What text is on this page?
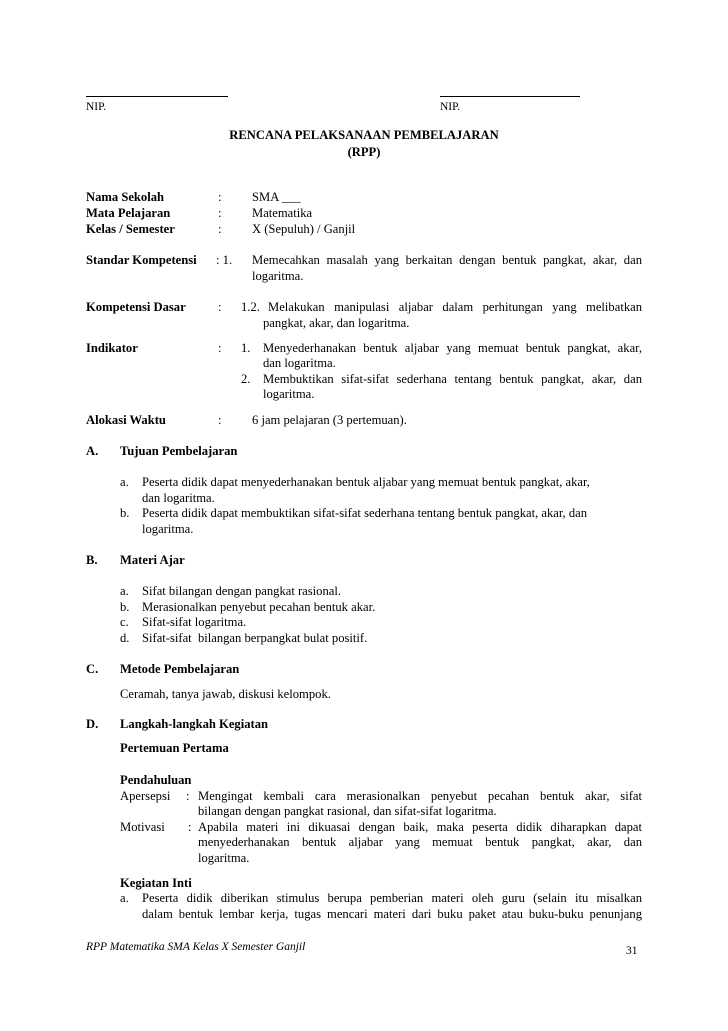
NIP.	NIP.
RENCANA PELAKSANAAN PEMBELAJARAN
(RPP)
Nama Sekolah	: SMA ___
Mata Pelajaran	: Matematika
Kelas / Semester	: X (Sepuluh) / Ganjil
Standar Kompetensi : 1. Memecahkan masalah yang berkaitan dengan bentuk pangkat, akar, dan
logaritma.
Kompetensi Dasar	: 1.2. Melakukan manipulasi aljabar dalam perhitungan yang melibatkan
pangkat, akar, dan logaritma.
Indikator	: 1. Menyederhanakan bentuk aljabar yang memuat bentuk pangkat, akar,
dan logaritma.
2. Membuktikan sifat-sifat sederhana tentang bentuk pangkat, akar, dan
logaritma.
Alokasi Waktu	: 6 jam pelajaran (3 pertemuan).
A. Tujuan Pembelajaran
a. Peserta didik dapat menyederhanakan bentuk aljabar yang memuat bentuk pangkat, akar,
dan logaritma.
b. Peserta didik dapat membuktikan sifat-sifat sederhana tentang bentuk pangkat, akar, dan
logaritma.
B. Materi Ajar
a. Sifat bilangan dengan pangkat rasional.
b. Merasionalkan penyebut pecahan bentuk akar.
c. Sifat-sifat logaritma.
d. Sifat-sifat  bilangan berpangkat bulat positif.
C. Metode Pembelajaran
Ceramah, tanya jawab, diskusi kelompok.
D. Langkah-langkah Kegiatan
Pertemuan Pertama
Pendahuluan
Apersepsi : Mengingat kembali cara merasionalkan penyebut pecahan bentuk akar, sifat
bilangan dengan pangkat rasional, dan sifat-sifat logaritma.
Motivasi : Apabila materi ini dikuasai dengan baik, maka peserta didik diharapkan dapat
menyederhanakan bentuk aljabar yang memuat bentuk pangkat, akar, dan
logaritma.
Kegiatan Inti
a. Peserta didik diberikan stimulus berupa pemberian materi oleh guru (selain itu misalkan
dalam bentuk lembar kerja, tugas mencari materi dari buku paket atau buku-buku penunjang
RPP Matematika SMA Kelas X Semester Ganjil	31
